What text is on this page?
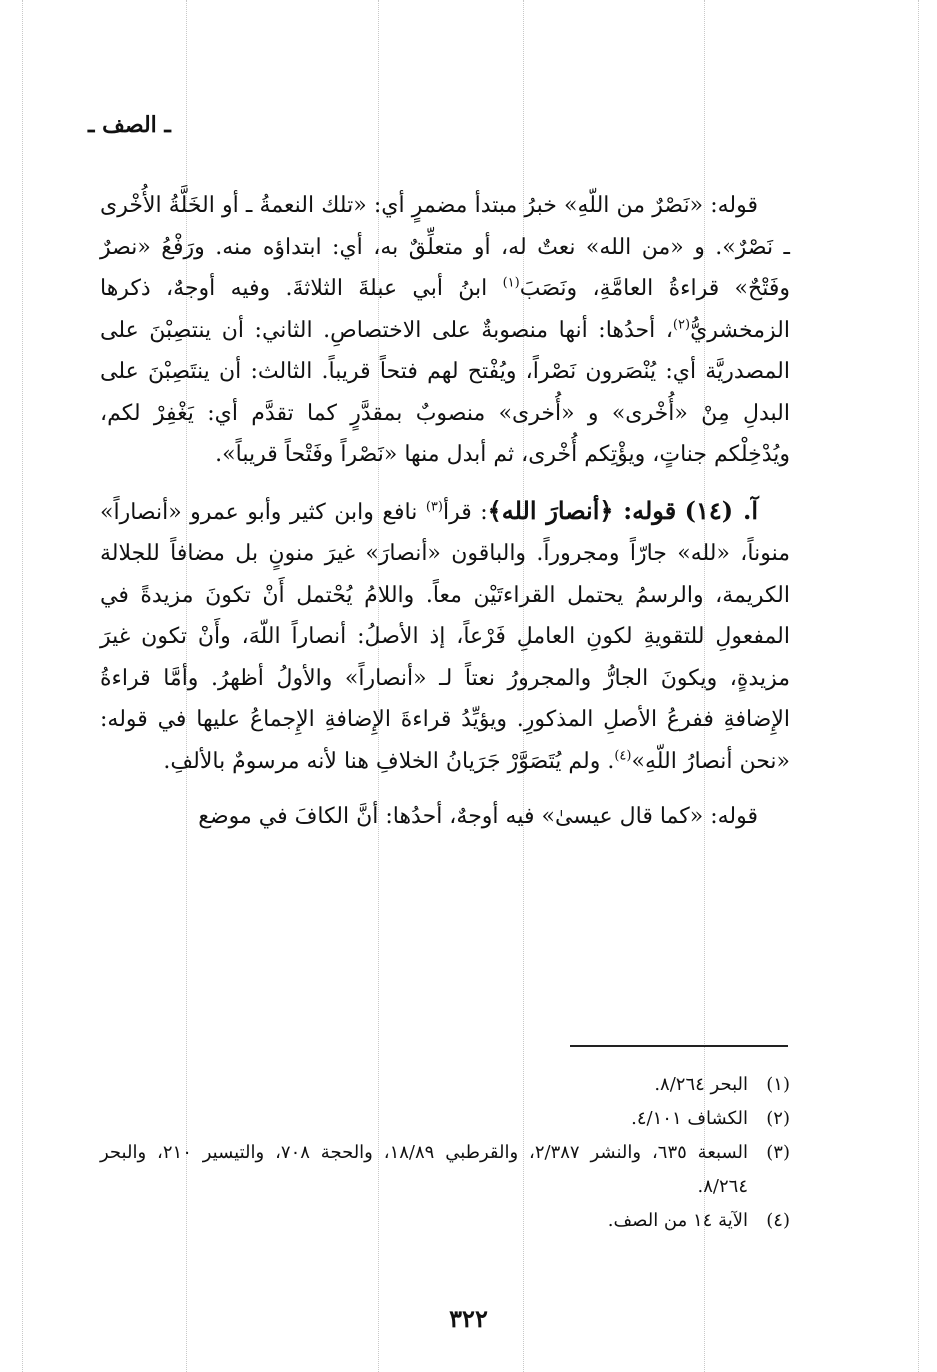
ـ الصف ـ

قوله: «نَصْرٌ من اللّهِ» خبرُ مبتدأ مضمرٍ أي: «تلك النعمةُ ـ أو الخَلَّةُ الأُخْرى ـ نَصْرٌ». و «من الله» نعتٌ له، أو متعلِّقٌ به، أي: ابتداؤه منه. ورَفْعُ «نصرٌ وفَتْحٌ» قراءةُ العامَّةِ، ونَصَبَ$^{(١)}$ ابنُ أبي عبلةَ الثلاثةَ. وفيه أوجهٌ، ذكرها الزمخشريُّ$^{(٢)}$، أحدُها: أنها منصوبةٌ على الاختصاصِ. الثاني: أن ينتصِبْنَ على المصدريَّة أي: يُنْصَرون نَصْراً، ويُفْتح لهم فتحاً قريباً. الثالث: أن ينتَصِبْنَ على البدلِ مِنْ «أُخْرى» و «أُخرى» منصوبٌ بمقدَّرٍ كما تقدَّم أي: يَغْفِرْ لكم، ويُدْخِلْكم جناتٍ، ويؤْتِكم أُخْرى، ثم أبدل منها «نَصْراً وفَتْحاً قريباً».

آ. (١٤) قوله: ﴿أنصارَ الله﴾: قرأ$^{(٣)}$ نافع وابن كثير وأبو عمرو «أنصاراً» منوناً، «لله» جارّاً ومجروراً. والباقون «أنصارَ» غيرَ منونٍ بل مضافاً للجلالة الكريمة، والرسمُ يحتمل القراءتَيْن معاً. واللامُ يُحْتمل أَنْ تكونَ مزيدةً في المفعولِ للتقويةِ لكونِ العاملِ فَرْعاً، إذ الأصلُ: أنصاراً اللّهَ، وأَنْ تكون غيرَ مزيدةٍ، ويكونَ الجارُّ والمجرورُ نعتاً لـ «أنصاراً» والأولُ أظهرُ. وأمَّا قراءةُ الإِضافةِ ففرعُ الأصلِ المذكورِ. ويؤيِّدُ قراءةَ الإِضافةِ الإِجماعُ عليها في قوله: «نحن أنصارُ اللّهِ»$^{(٤)}$. ولم يُتَصَوَّرْ جَرَيانُ الخلافِ هنا لأنه مرسومٌ بالألفِ.

قوله: «كما قال عيسىٰ» فيه أوجهٌ، أحدُها: أنَّ الكافَ في موضع

(١)
البحر ٨/٢٦٤.

(٢)
الكشاف ٤/١٠١.

(٣)
السبعة ٦٣٥، والنشر ٢/٣٨٧، والقرطبي ١٨/٨٩، والحجة ٧٠٨، والتيسير ٢١٠، والبحر ٨/٢٦٤.

(٤)
الآية ١٤ من الصف.

٣٢٢
